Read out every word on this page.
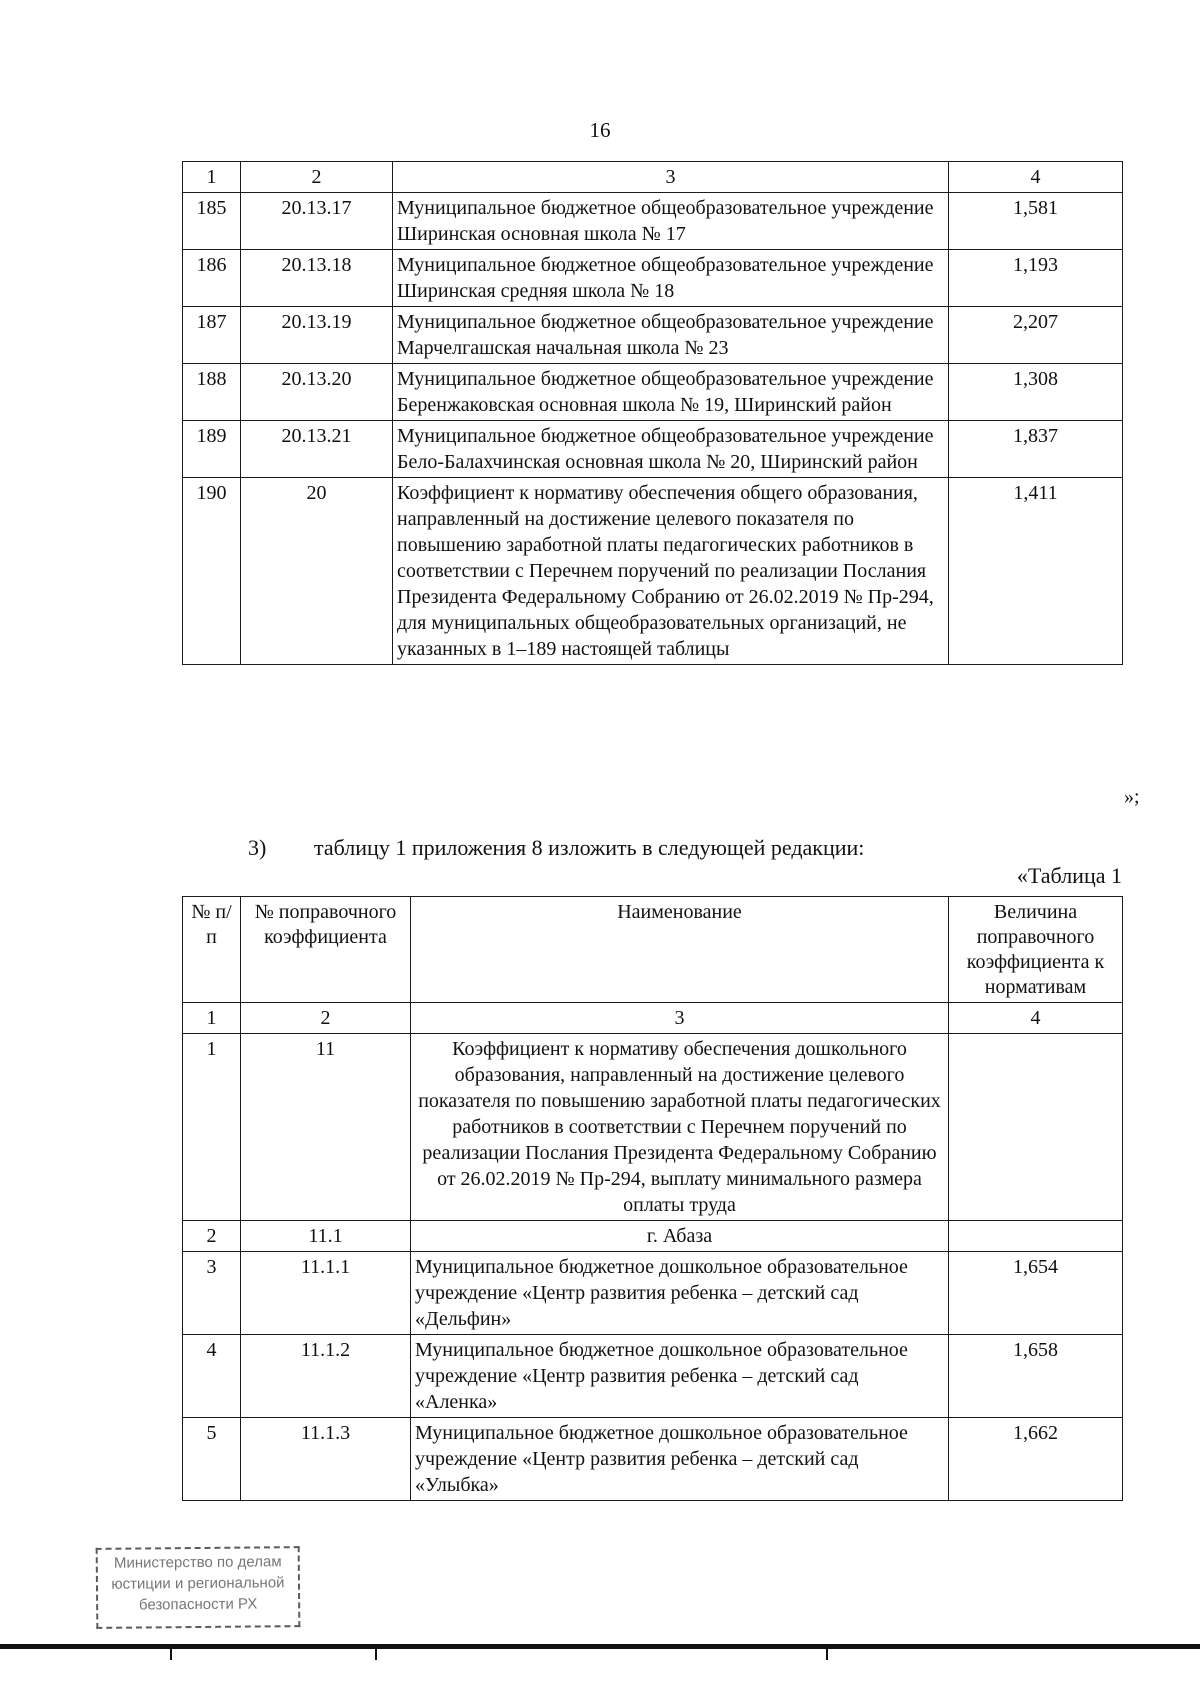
16
1	2	3	4
185	20.13.17	Муниципальное бюджетное общеобразовательное учреждение Ширинская основная школа № 17	1,581
186	20.13.18	Муниципальное бюджетное общеобразовательное учреждение Ширинская средняя школа № 18	1,193
187	20.13.19	Муниципальное бюджетное общеобразовательное учреждение Марчелгашская начальная школа № 23	2,207
188	20.13.20	Муниципальное бюджетное общеобразовательное учреждение Беренжаковская основная школа № 19, Ширинский район	1,308
189	20.13.21	Муниципальное бюджетное общеобразовательное учреждение Бело-Балахчинская основная школа № 20, Ширинский район	1,837
190	20	Коэффициент к нормативу обеспечения общего образования, направленный на достижение целевого показателя по повышению заработной платы педагогических работников в соответствии с Перечнем поручений по реализации Послания Президента Федеральному Собранию от 26.02.2019 № Пр-294, для муниципальных общеобразовательных организаций, не указанных в 1–189 настоящей таблицы	1,411
»;
3) таблицу 1 приложения 8 изложить в следующей редакции:
«Таблица 1
№ п/п	№ поправочного коэффициента	Наименование	Величина поправочного коэффициента к нормативам
1	2	3	4
1	11	Коэффициент к нормативу обеспечения дошкольного образования, направленный на достижение целевого показателя по повышению заработной платы педагогических работников в соответствии с Перечнем поручений по реализации Послания Президента Федеральному Собранию от 26.02.2019 № Пр-294, выплату минимального размера оплаты труда	
2	11.1	г. Абаза	
3	11.1.1	Муниципальное бюджетное дошкольное образовательное учреждение «Центр развития ребенка – детский сад «Дельфин»	1,654
4	11.1.2	Муниципальное бюджетное дошкольное образовательное учреждение «Центр развития ребенка – детский сад «Аленка»	1,658
5	11.1.3	Муниципальное бюджетное дошкольное образовательное учреждение «Центр развития ребенка – детский сад «Улыбка»	1,662
Министерство по делам
юстиции и региональной
безопасности РХ
